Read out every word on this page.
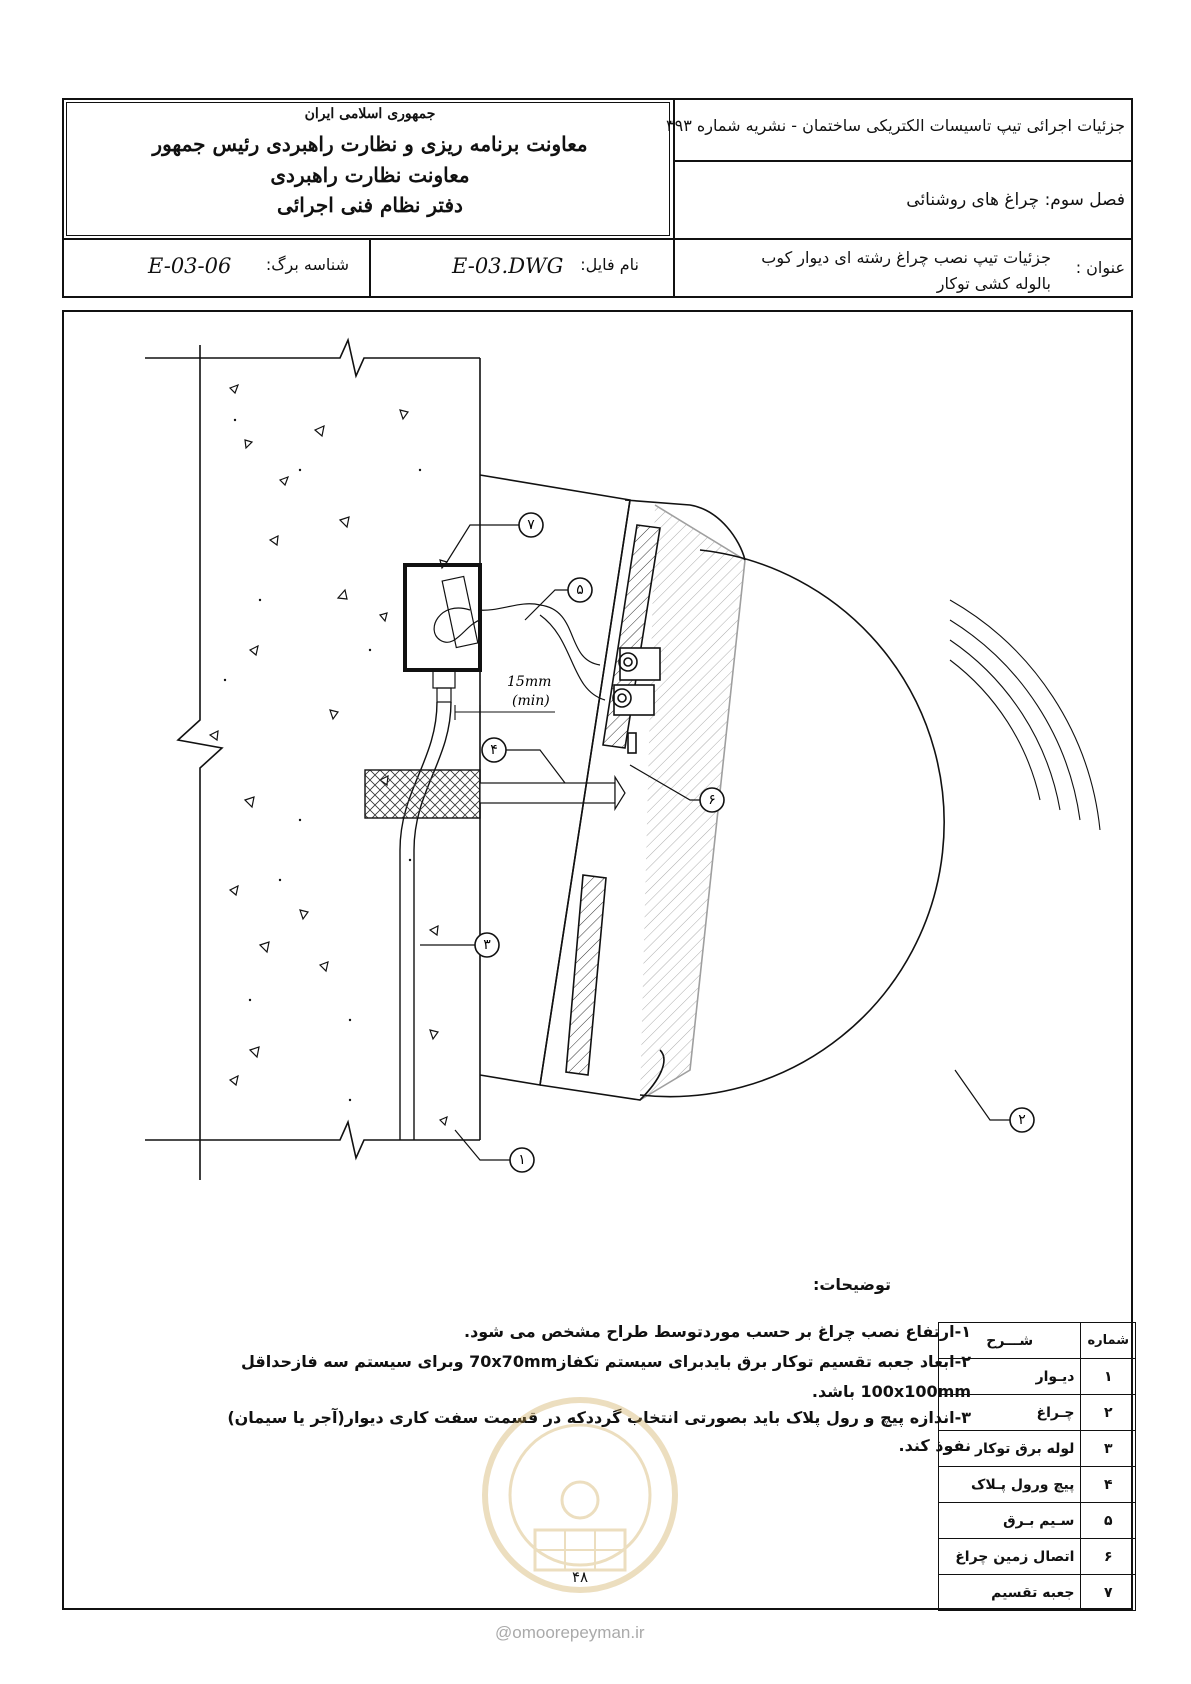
جمهوری اسلامی ایران
معاونت برنامه ریزی و نظارت راهبردی رئیس جمهور
معاونت نظارت راهبردی
دفتر نظام فنی اجرائی
جزئیات اجرائی تیپ تاسیسات الکتریکی ساختمان - نشریه شماره ۳۹۳
فصل سوم: چراغ های روشنائی
عنوان :
جزئیات تیپ نصب چراغ رشته ای دیوار کوب
بالوله کشی توکار
نام فایل:
E-03.DWG
شناسه برگ:
E-03-06
15mm
(min)
۷
۵
۴
۶
۳
۱
۲
توضیحات:
۱-ارتفاع نصب چراغ بر حسب موردتوسط طراح مشخص می شود.
۲-ابعاد جعبه تقسیم توکار برق بایدبرای سیستم تکفاز70x70mm وبرای سیستم سه فازحداقل
100x100mm باشد.
۳-اندازه پیچ و رول پلاک باید بصورتی انتخاب گرددکه در قسمت سفت کاری دیوار(آجر یا سیمان)
نفوذ کند.
شماره	شـــرح
۱	دیـوار
۲	چـراغ
۳	لوله برق توکار
۴	پیچ ورول پـلاک
۵	سـیم بـرق
۶	اتصال زمین چراغ
۷	جعبه تقسیم
۴۸
@omoorepeyman.ir
